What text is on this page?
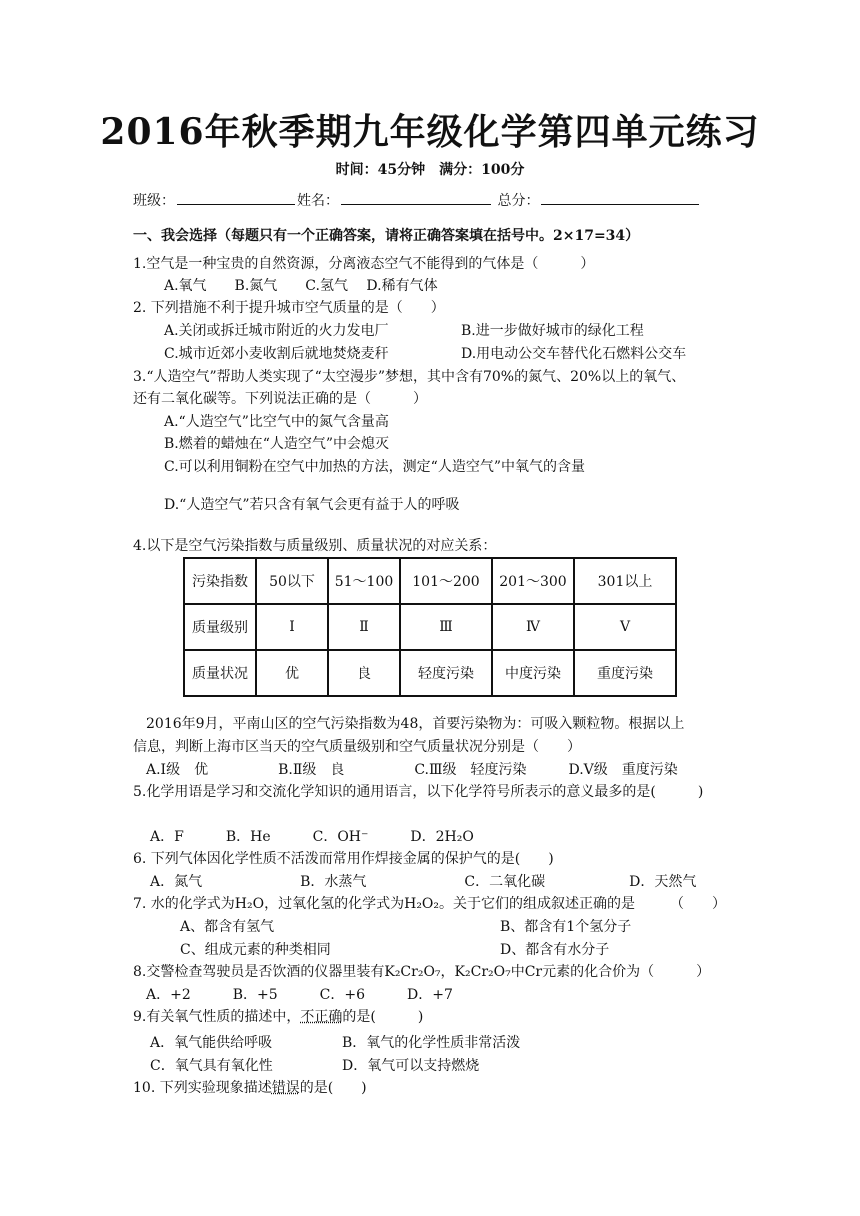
2016年秋季期九年级化学第四单元练习
时间：45分钟　满分：100分
班级：	姓名：	总分：
一、我会选择（每题只有一个正确答案，请将正确答案填在括号中。2×17=34）
1.空气是一种宝贵的自然资源，分离液态空气不能得到的气体是（　　　）
A.氧气　　B.氮气　　C.氢气　 D.稀有气体
2. 下列措施不利于提升城市空气质量的是（　　）
A.关闭或拆迁城市附近的火力发电厂	B.进一步做好城市的绿化工程
C.城市近郊小麦收割后就地焚烧麦秆	D.用电动公交车替代化石燃料公交车
3.“人造空气”帮助人类实现了“太空漫步”梦想，其中含有70%的氮气、20%以上的氧气、
还有二氧化碳等。下列说法正确的是（　　　）
A.“人造空气”比空气中的氮气含量高
B.燃着的蜡烛在“人造空气”中会熄灭
C.可以利用铜粉在空气中加热的方法，测定“人造空气”中氧气的含量
D.“人造空气”若只含有氧气会更有益于人的呼吸
4.以下是空气污染指数与质量级别、质量状况的对应关系：
污染指数	50以下	51～100	101～200	201～300	301以上
质量级别	Ⅰ	Ⅱ	Ⅲ	Ⅳ	Ⅴ
质量状况	优	良	轻度污染	中度污染	重度污染
2016年9月，平南山区的空气污染指数为48，首要污染物为：可吸入颗粒物。根据以上
信息，判断上海市区当天的空气质量级别和空气质量状况分别是（　　）
A.Ⅰ级　优　　　　　B.Ⅱ级　良　　　　　C.Ⅲ级　轻度污染　　　D.Ⅴ级　重度污染
5.化学用语是学习和交流化学知识的通用语言，以下化学符号所表示的意义最多的是(　　　)
A．F　　　B．He　　　C．OH⁻　　　D．2H₂O
6. 下列气体因化学性质不活泼而常用作焊接金属的保护气的是(　　)
A．氮气　　　　　　　B．水蒸气　　　　　　　C．二氧化碳　　　　　　D．天然气
7. 水的化学式为H₂O，过氧化氢的化学式为H₂O₂。关于它们的组成叙述正确的是　　　（　　）
A、都含有氢气	B、都含有1个氢分子
C、组成元素的种类相同	D、都含有水分子
8.交警检查驾驶员是否饮酒的仪器里装有K₂Cr₂O₇，K₂Cr₂O₇中Cr元素的化合价为（　　　）
A．+2　　　B．+5　　　C．+6　　　D．+7
9.有关氧气性质的描述中，不正确的是(　　　)
A．氧气能供给呼吸	B．氧气的化学性质非常活泼
C．氧气具有氧化性	D．氧气可以支持燃烧
10. 下列实验现象描述错误的是(　　)
